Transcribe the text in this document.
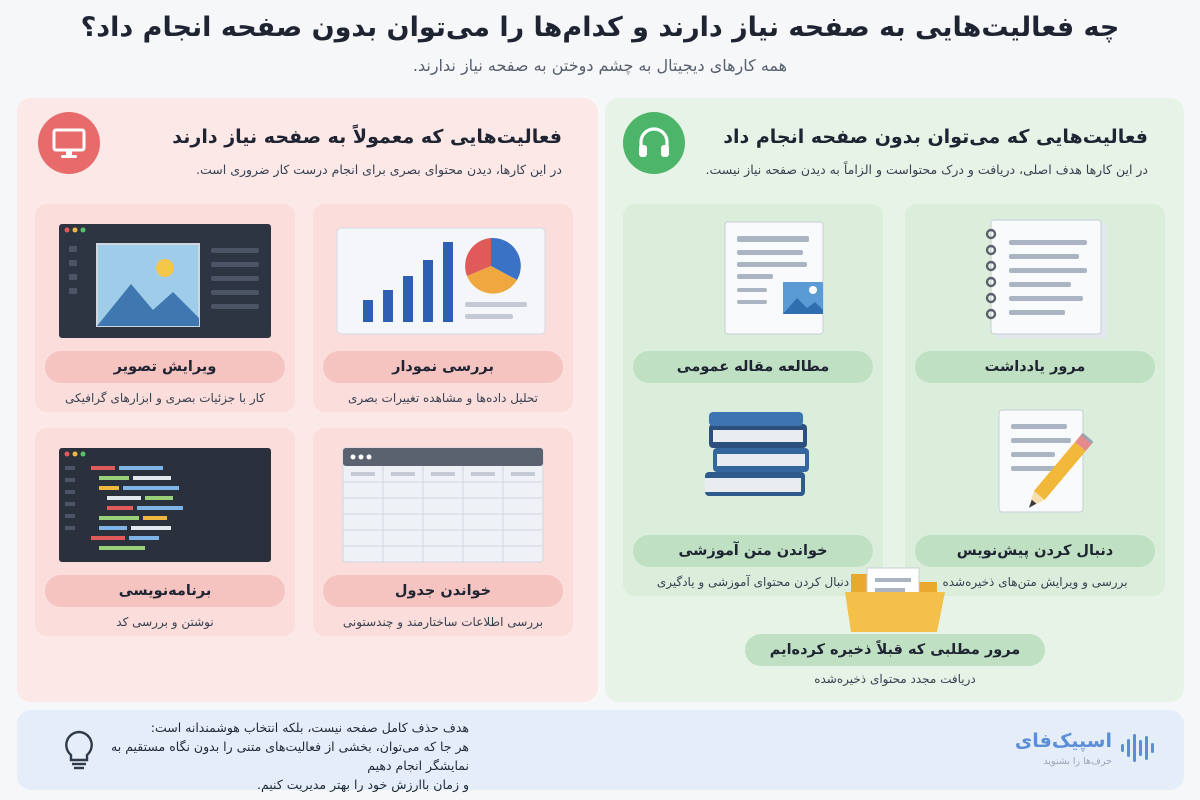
چه فعالیت‌هایی به صفحه نیاز دارند و کدام‌ها را می‌توان بدون صفحه انجام داد؟
همه کارهای دیجیتال به چشم دوختن به صفحه نیاز ندارند.
فعالیت‌هایی که می‌توان بدون صفحه انجام داد
در این کارها هدف اصلی، دریافت و درک محتواست و الزاماً به دیدن صفحه نیاز نیست.
مرور یادداشت
مطالعه مقاله عمومی
دنبال کردن پیش‌نویس
بررسی و ویرایش متن‌های ذخیره‌شده
خواندن متن آموزشی
دنبال کردن محتوای آموزشی و یادگیری
مرور مطلبی که قبلاً ذخیره کرده‌ایم
دریافت مجدد محتوای ذخیره‌شده
فعالیت‌هایی که معمولاً به صفحه نیاز دارند
در این کارها، دیدن محتوای بصری برای انجام درست کار ضروری است.
بررسی نمودار
تحلیل داده‌ها و مشاهده تغییرات بصری
ویرایش تصویر
کار با جزئیات بصری و ابزارهای گرافیکی
خواندن جدول
بررسی اطلاعات ساختارمند و چندستونی
برنامه‌نویسی
نوشتن و بررسی کد
هدف حذف کامل صفحه نیست، بلکه انتخاب هوشمندانه است:
هر جا که می‌توان، بخشی از فعالیت‌های متنی را بدون نگاه مستقیم به نمایشگر انجام دهیم
و زمان باارزش خود را بهتر مدیریت کنیم.
اسپیک‌فای
حرف‌ها را بشنوید
